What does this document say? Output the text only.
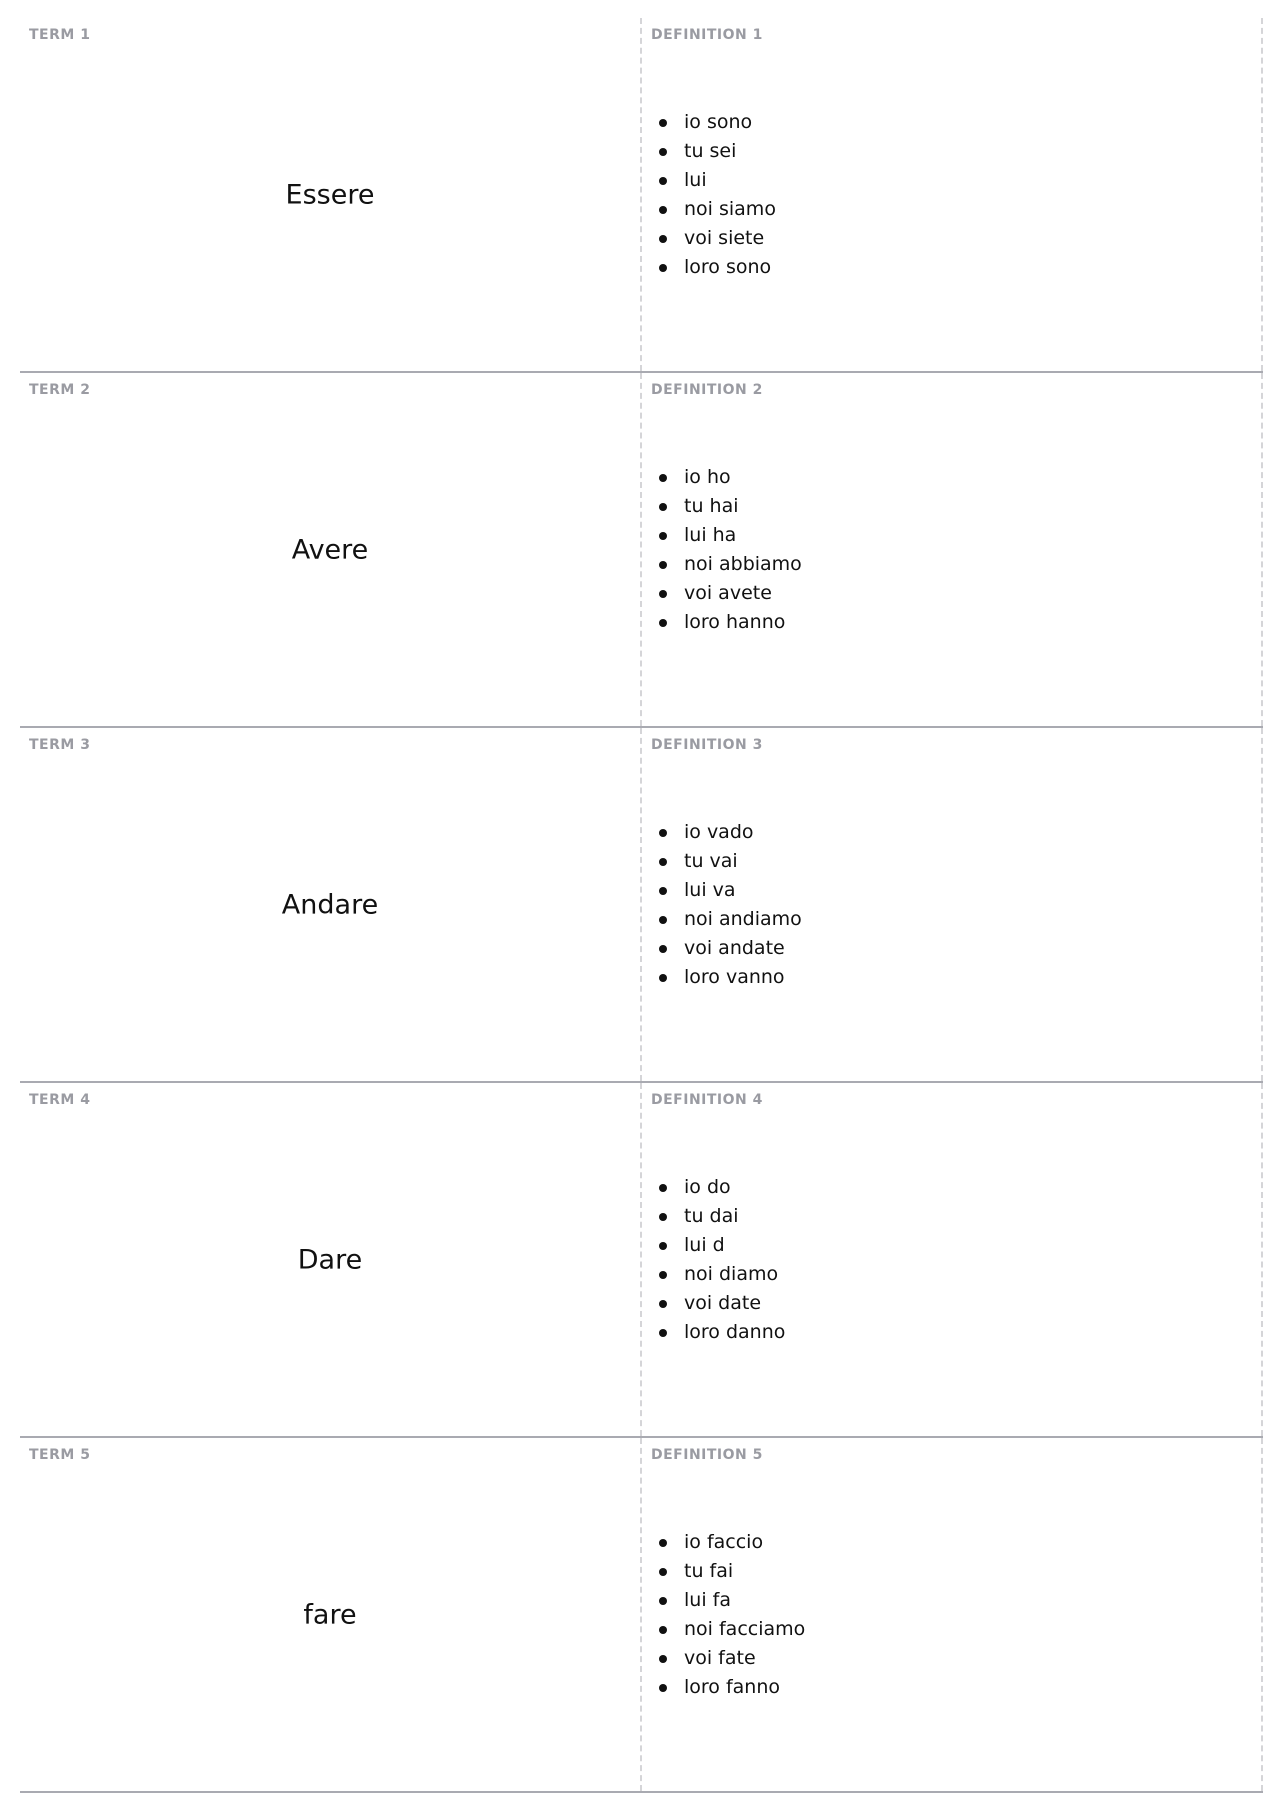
TERM 1
Essere
DEFINITION 1
io sono
tu sei
lui
noi siamo
voi siete
loro sono
TERM 2
Avere
DEFINITION 2
io ho
tu hai
lui ha
noi abbiamo
voi avete
loro hanno
TERM 3
Andare
DEFINITION 3
io vado
tu vai
lui va
noi andiamo
voi andate
loro vanno
TERM 4
Dare
DEFINITION 4
io do
tu dai
lui d
noi diamo
voi date
loro danno
TERM 5
fare
DEFINITION 5
io faccio
tu fai
lui fa
noi facciamo
voi fate
loro fanno
